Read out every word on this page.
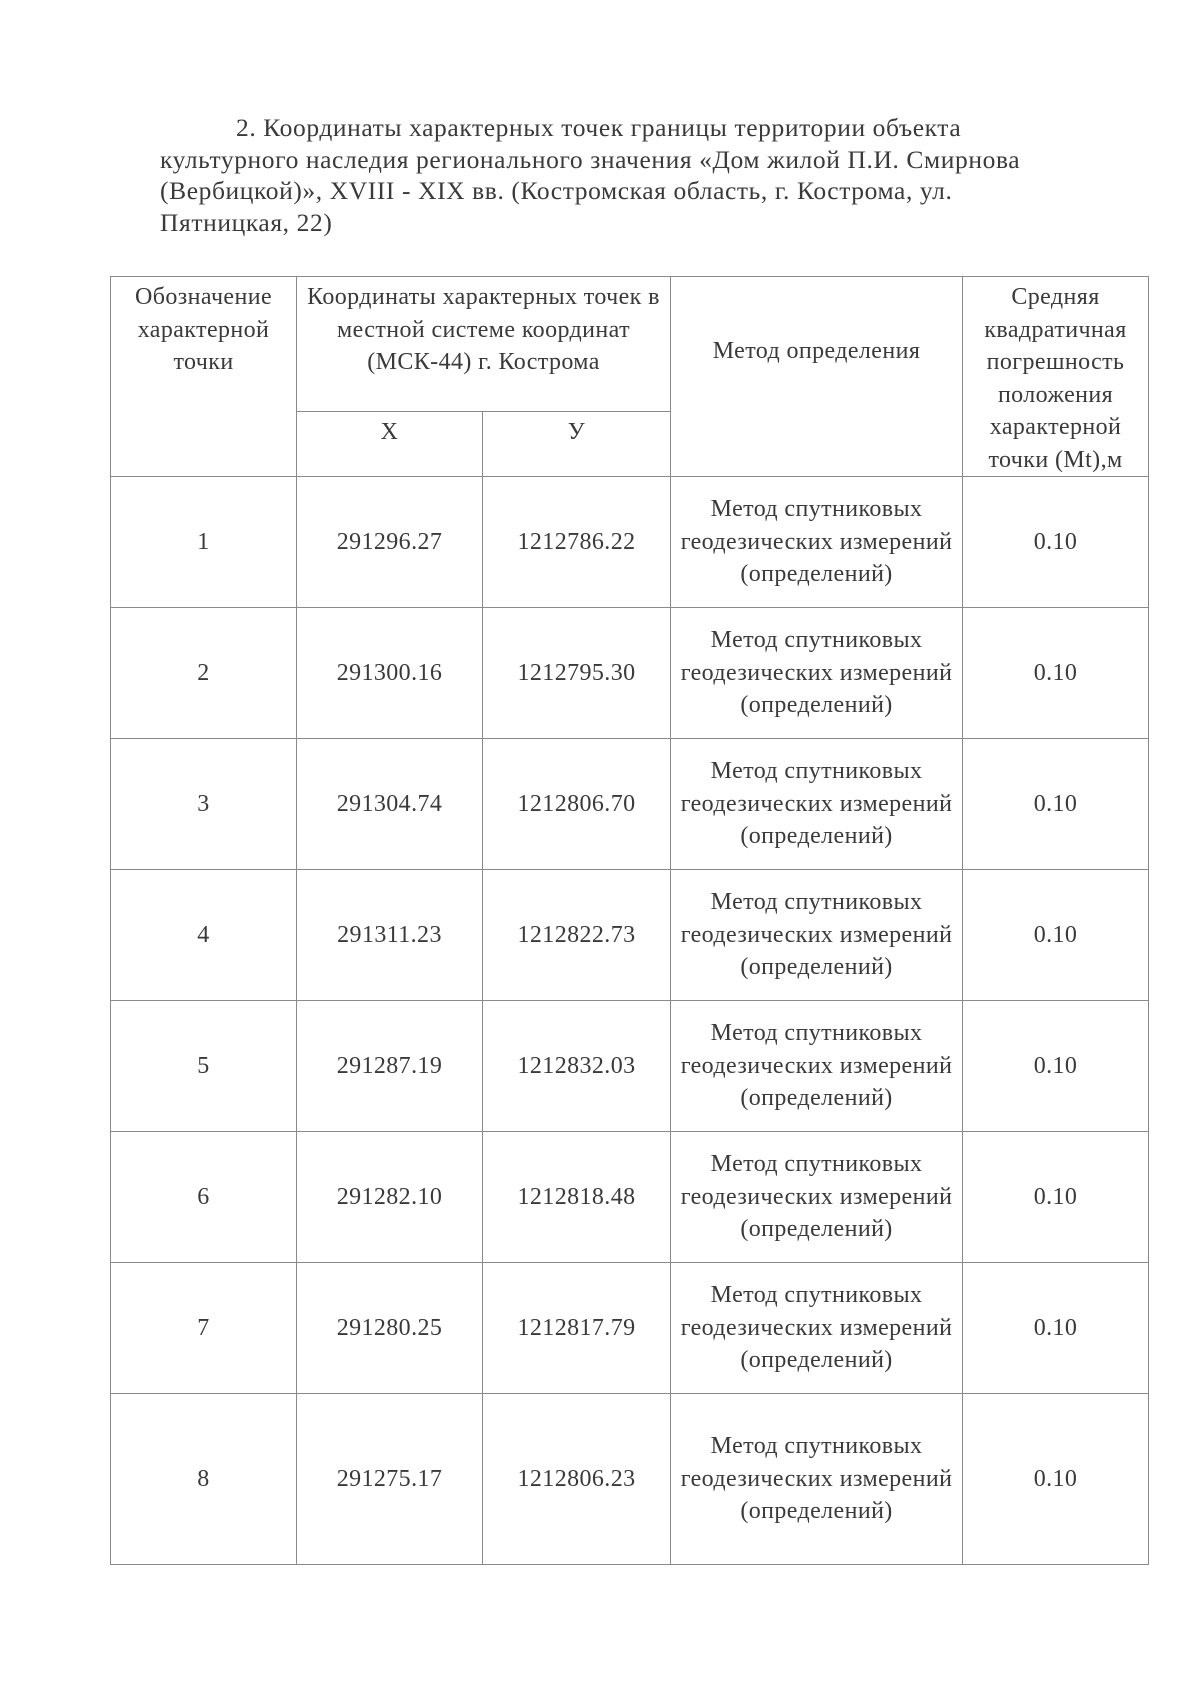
2. Координаты характерных точек границы территории объекта
культурного наследия регионального значения «Дом жилой П.И. Смирнова
(Вербицкой)», XVIII - XIX вв. (Костромская область, г. Кострома, ул.
Пятницкая, 22)
Обозначение характерной точки	Координаты характерных точек в местной системе координат (МСК-44) г. Кострома		Метод определения	Средняя квадратичная погрешность положения характерной точки (Mt),м
	X	У		
1	291296.27	1212786.22	Метод спутниковых геодезических измерений (определений)	0.10
2	291300.16	1212795.30	Метод спутниковых геодезических измерений (определений)	0.10
3	291304.74	1212806.70	Метод спутниковых геодезических измерений (определений)	0.10
4	291311.23	1212822.73	Метод спутниковых геодезических измерений (определений)	0.10
5	291287.19	1212832.03	Метод спутниковых геодезических измерений (определений)	0.10
6	291282.10	1212818.48	Метод спутниковых геодезических измерений (определений)	0.10
7	291280.25	1212817.79	Метод спутниковых геодезических измерений (определений)	0.10
8	291275.17	1212806.23	Метод спутниковых геодезических измерений (определений)	0.10
